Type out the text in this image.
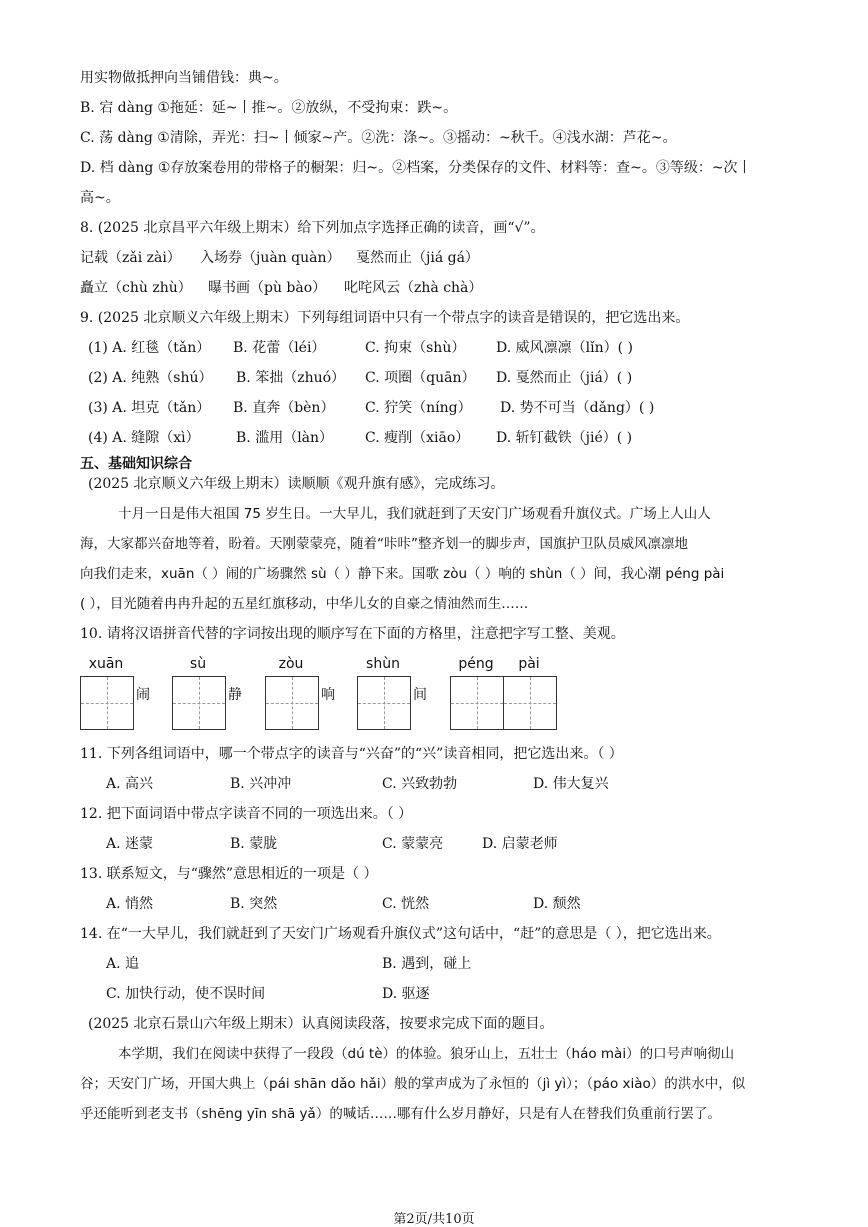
用实物做抵押向当铺借钱：典~。
B. 宕 dàng ①拖延：延~丨推~。②放纵，不受拘束：跌~。
C. 荡 dàng ①清除，弄光：扫~丨倾家~产。②洗：涤~。③摇动：~秋千。④浅水湖：芦花~。
D. 档 dàng ①存放案卷用的带格子的橱架：归~。②档案，分类保存的文件、材料等：查~。③等级：~次丨
高~。
8. (2025 北京昌平六年级上期末）给下列加点字选择正确的读音，画“√”。
记载（zǎi zài） 入场券（juàn quàn） 戛然而止（jiá gá）
矗立（chù zhù） 曝书画（pù bào） 叱咤风云（zhà chà）
9. (2025 北京顺义六年级上期末）下列每组词语中只有一个带点字的读音是错误的，把它选出来。
(1) A. 红毯（tǎn） B. 花蕾（léi）	C. 拘束（shù） D. 威风凛凛（lǐn）( )
(2) A. 纯熟（shú） B. 笨拙（zhuó） C. 项圈（quān） D. 戛然而止（jiá）( )
(3) A. 坦克（tǎn） B. 直奔（bèn） C. 狞笑（níng） D. 势不可当（dǎng）( )
(4) A. 缝隙（xì）	B. 滥用（làn） C. 瘦削（xiāo） D. 斩钉截铁（jié）( )
五、基础知识综合
(2025 北京顺义六年级上期末）读顺顺《观升旗有感》，完成练习。
十月一日是伟大祖国 75 岁生日。一大早儿，我们就赶到了天安门广场观看升旗仪式。广场上人山人
海，大家都兴奋地等着，盼着。天刚蒙蒙亮，随着“咔咔”整齐划一的脚步声，国旗护卫队员威风凛凛地
向我们走来，xuān（ ）闹的广场骤然 sù（ ）静下来。国歌 zòu（ ）响的 shùn（ ）间，我心潮 péng pài
( ），目光随着冉冉升起的五星红旗移动，中华儿女的自豪之情油然而生……
10. 请将汉语拼音代替的字词按出现的顺序写在下面的方格里，注意把字写工整、美观。
xuān	sù	zòu	shùn	péng	pài
闹	静	响	间
11. 下列各组词语中，哪一个带点字的读音与“兴奋”的“兴”读音相同，把它选出来。（ ）
A. 高兴	B. 兴冲冲	C. 兴致勃勃	D. 伟大复兴
12. 把下面词语中带点字读音不同的一项选出来。（ ）
A. 迷蒙	B. 蒙胧	C. 蒙蒙亮	D. 启蒙老师
13. 联系短文，与“骤然”意思相近的一项是（ ）
A. 悄然	B. 突然	C. 恍然	D. 颓然
14. 在“一大早儿，我们就赶到了天安门广场观看升旗仪式”这句话中，“赶”的意思是（ ），把它选出来。
A. 追	B. 遇到，碰上
C. 加快行动，使不误时间	D. 驱逐
(2025 北京石景山六年级上期末）认真阅读段落，按要求完成下面的题目。
本学期，我们在阅读中获得了一段段（dú tè）的体验。狼牙山上，五壮士（háo mài）的口号声响彻山
谷；天安门广场，开国大典上（pái shān dǎo hǎi）般的掌声成为了永恒的（jì yì）；（páo xiào）的洪水中，似
乎还能听到老支书（shēng yīn shā yǎ）的喊话……哪有什么岁月静好，只是有人在替我们负重前行罢了。
第2页/共10页
